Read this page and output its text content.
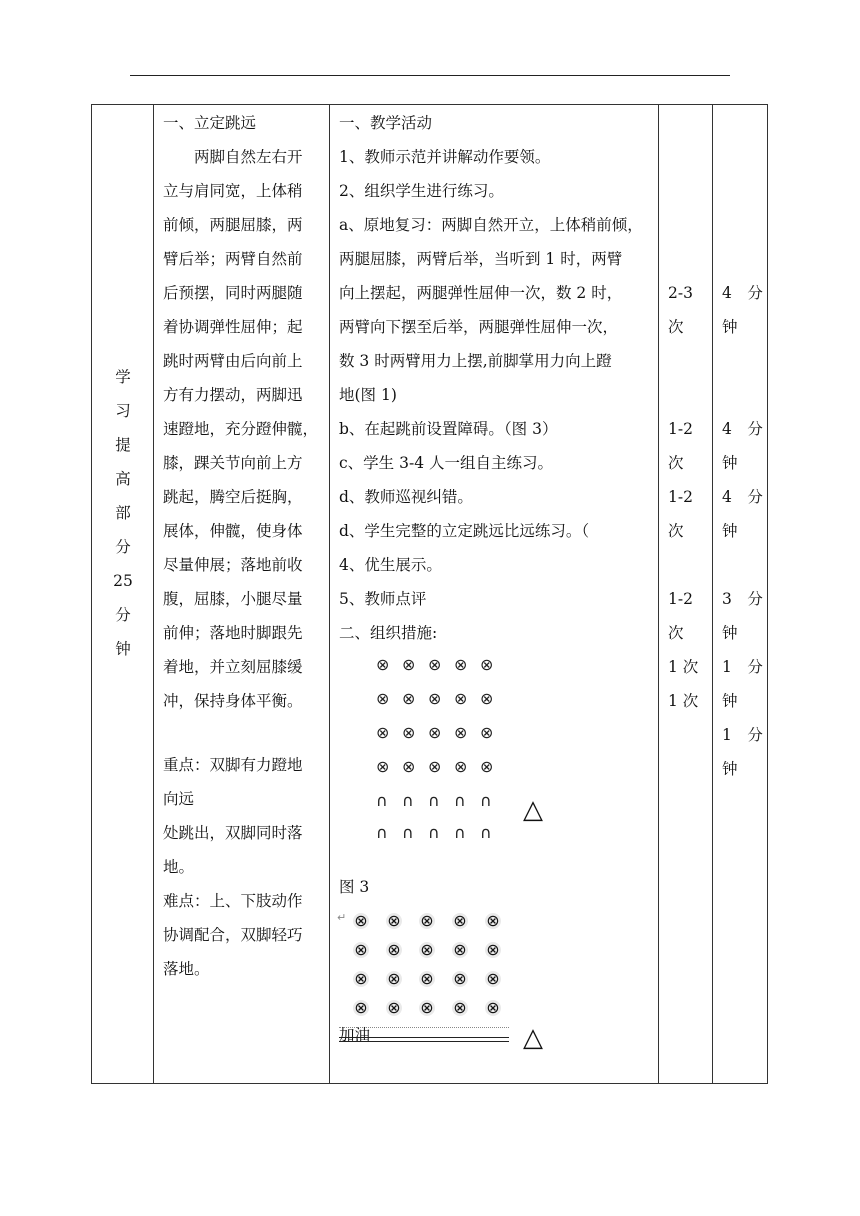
学
习
提
高
部
分
25
分
钟
一、立定跳远
　　两脚自然左右开
立与肩同宽，上体稍
前倾，两腿屈膝，两
臂后举；两臂自然前
后预摆，同时两腿随
着协调弹性屈伸；起
跳时两臂由后向前上
方有力摆动，两脚迅
速蹬地，充分蹬伸髋，
膝，踝关节向前上方
跳起，腾空后挺胸，
展体，伸髋，使身体
尽量伸展；落地前收
腹，屈膝，小腿尽量
前伸；落地时脚跟先
着地，并立刻屈膝缓
冲，保持身体平衡。
重点：双脚有力蹬地
向远
处跳出，双脚同时落
地。
难点：上、下肢动作
协调配合，双脚轻巧
落地。
⊗ ⊗ ⊗ ⊗ ⊗
⊗ ⊗ ⊗ ⊗ ⊗
⊗ ⊗ ⊗ ⊗ ⊗
⊗ ⊗ ⊗ ⊗ ⊗
∩ ∩ ∩ ∩ ∩
∩ ∩ ∩ ∩ ∩
△
图 3
↵ ⊗ ⊗ ⊗ ⊗ ⊗
⊗ ⊗ ⊗ ⊗ ⊗
⊗ ⊗ ⊗ ⊗ ⊗
⊗ ⊗ ⊗ ⊗ ⊗
加油	△
一、教学活动
1、教师示范并讲解动作要领。
2、组织学生进行练习。
a、原地复习：两脚自然开立，上体稍前倾，
两腿屈膝，两臂后举，当听到 1 时，两臂
向上摆起，两腿弹性屈伸一次，数 2 时，
两臂向下摆至后举，两腿弹性屈伸一次，
数 3 时两臂用力上摆,前脚掌用力向上蹬
地(图 1)
b、在起跳前设置障碍。（图 3）
c、学生 3-4 人一组自主练习。
d、教师巡视纠错。
d、学生完整的立定跳远比远练习。（
4、优生展示。
5、教师点评
二、组织措施:
2-3
次
1-2
次
1-2
次
1-2
次
1 次
1 次
4　分
钟
4　分
钟
4　分
钟
3　分
钟
1　分
钟
1　分
钟
